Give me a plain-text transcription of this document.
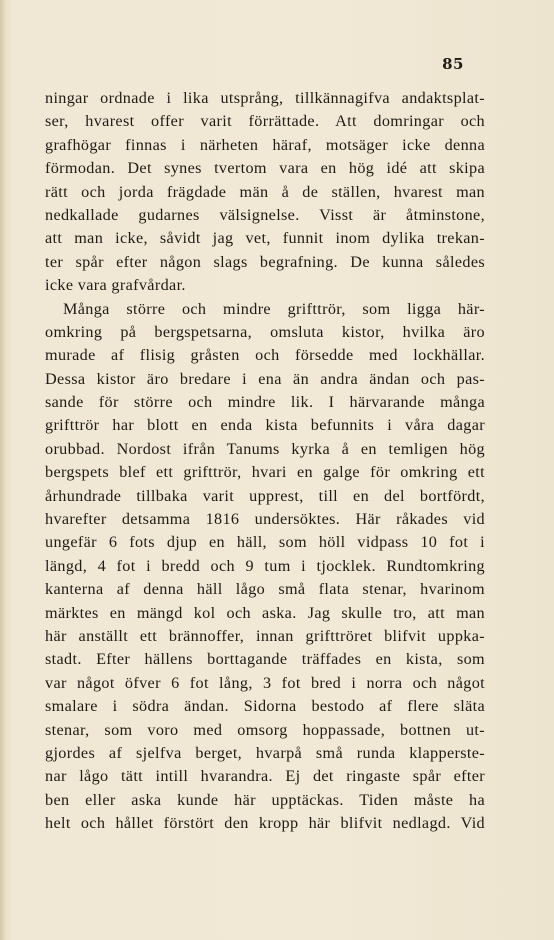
85
ningar ordnade i lika utsprång, tillkännagifva andaktsplat-
ser, hvarest offer varit förrättade. Att domringar och
grafhögar finnas i närheten häraf, motsäger icke denna
förmodan. Det synes tvertom vara en hög idé att skipa
rätt och jorda frägdade män å de ställen, hvarest man
nedkallade gudarnes välsignelse. Visst är åtminstone,
att man icke, såvidt jag vet, funnit inom dylika trekan-
ter spår efter någon slags begrafning. De kunna således
icke vara grafvårdar.
Många större och mindre grifttrör, som ligga här-
omkring på bergspetsarna, omsluta kistor, hvilka äro
murade af flisig gråsten och försedde med lockhällar.
Dessa kistor äro bredare i ena än andra ändan och pas-
sande för större och mindre lik. I härvarande många
grifttrör har blott en enda kista befunnits i våra dagar
orubbad. Nordost ifrån Tanums kyrka å en temligen hög
bergspets blef ett grifttrör, hvari en galge för omkring ett
århundrade tillbaka varit upprest, till en del bortfördt,
hvarefter detsamma 1816 undersöktes. Här råkades vid
ungefär 6 fots djup en häll, som höll vidpass 10 fot i
längd, 4 fot i bredd och 9 tum i tjocklek. Rundtomkring
kanterna af denna häll lågo små flata stenar, hvarinom
märktes en mängd kol och aska. Jag skulle tro, att man
här anställt ett brännoffer, innan grifttröret blifvit uppka-
stadt. Efter hällens borttagande träffades en kista, som
var något öfver 6 fot lång, 3 fot bred i norra och något
smalare i södra ändan. Sidorna bestodo af flere släta
stenar, som voro med omsorg hoppassade, bottnen ut-
gjordes af sjelfva berget, hvarpå små runda klapperste-
nar lågo tätt intill hvarandra. Ej det ringaste spår efter
ben eller aska kunde här upptäckas. Tiden måste ha
helt och hållet förstört den kropp här blifvit nedlagd. Vid
